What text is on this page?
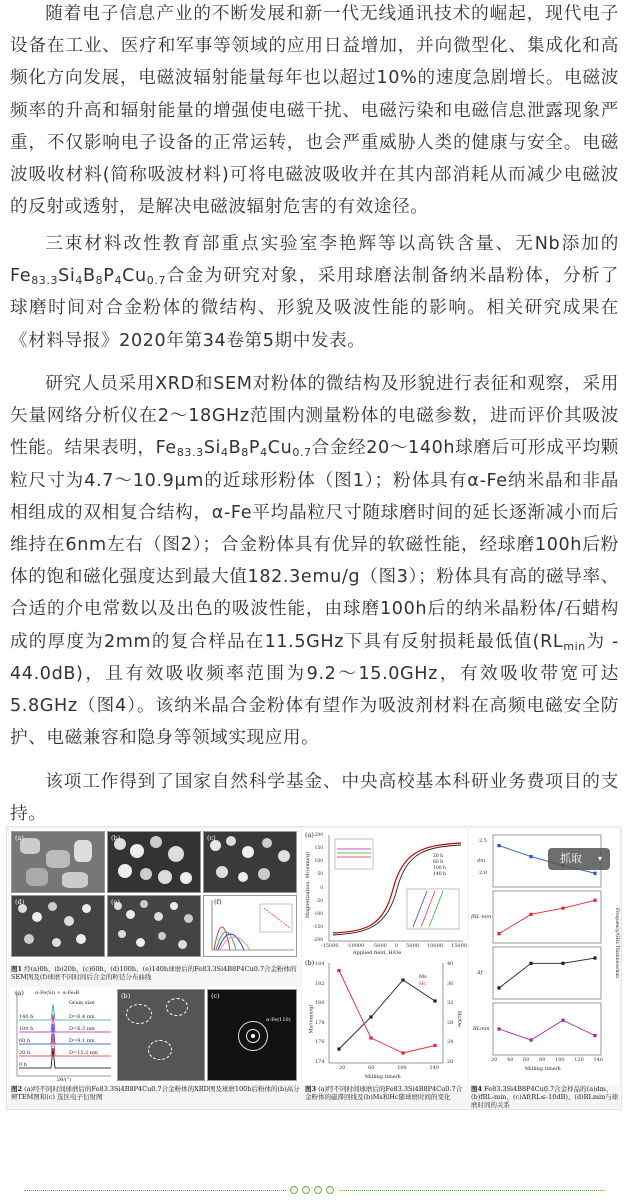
随着电子信息产业的不断发展和新一代无线通讯技术的崛起，现代电子设备在工业、医疗和军事等领域的应用日益增加，并向微型化、集成化和高频化方向发展，电磁波辐射能量每年也以超过10%的速度急剧增长。电磁波频率的升高和辐射能量的增强使电磁干扰、电磁污染和电磁信息泄露现象严重，不仅影响电子设备的正常运转，也会严重威胁人类的健康与安全。电磁波吸收材料(简称吸波材料)可将电磁波吸收并在其内部消耗从而减少电磁波的反射或透射，是解决电磁波辐射危害的有效途径。

三束材料改性教育部重点实验室李艳辉等以高铁含量、无Nb添加的$Fe_{83.3}Si_4B_8P_4Cu_{0.7}$合金为研究对象，采用球磨法制备纳米晶粉体，分析了球磨时间对合金粉体的微结构、形貌及吸波性能的影响。相关研究成果在《材料导报》2020年第34卷第5期中发表。

研究人员采用XRD和SEM对粉体的微结构及形貌进行表征和观察，采用矢量网络分析仪在2～18GHz范围内测量粉体的电磁参数，进而评价其吸波性能。结果表明，$Fe_{83.3}Si_4B_8P_4Cu_{0.7}$合金经20～140h球磨后可形成平均颗粒尺寸为4.7～10.9μm的近球形粉体（图1）；粉体具有α-Fe纳米晶和非晶相组成的双相复合结构，α-Fe平均晶粒尺寸随球磨时间的延长逐渐减小而后维持在6nm左右（图2）；合金粉体具有优异的软磁性能，经球磨100h后粉体的饱和磁化强度达到最大值182.3emu/g（图3）；粉体具有高的磁导率、合适的介电常数以及出色的吸波性能，由球磨100h后的纳米晶粉体/石蜡构成的厚度为2mm的复合样品在11.5GHz下具有反射损耗最低值($RL_{min}$为 - 44.0dB)，且有效吸收频率范围为9.2～15.0GHz，有效吸收带宽可达5.8GHz（图4）。该纳米晶合金粉体有望作为吸波剂材料在高频电磁安全防护、电磁兼容和隐身等领域实现应用。

该项工作得到了国家自然科学基金、中央高校基本科研业务费项目的支持。

(a)	(b)	(c)
(d)	(e)	(f)
图1 经(a)0h、(b)20h、(c)60h、(d)100h、(e)140h球磨后的Fe83.3Si4B8P4Cu0.7合金粉体的SEM图及(f)球磨不同时间后合金的粒径分布曲线
(a) α-Fe(Si) + α-Fe₃B
140 h
100 h
60 h
20 h
0 h
Grain size
D=6.4 nm
D=6.3 nm
D=9.1 nm
D=15.2 nm
2θ/(°)
(b)	(c)
α-Fe(110)
图2 (a)经不同时间球磨后的Fe83.3Si4B8P4Cu0.7合金粉体的XRD图及球磨100h后粉体的(b)高分辨TEM图和(c) 选区电子衍射图
(a)
20 h
60 h
100 h
140 h
-15000 -10000 -5000 0 5000 10000 15000
200
150
100
50
0
-50
-100
-150
-200
Applied field, H/Oe
Magnetization, M/(emu/g)
(b)
Ms
Hc
184
182
180
178
176
174
40
36
32
28
24
20
20	60	100	140
Milling time/h
Ms/(emu/g)	Hc/Oe
图3 (a)经不同时间球磨后的Fe83.3Si4B8P4Cu0.7合金粉体的磁滞回线及(b)Ms和Hc随球磨时间的变化
dm
fRL-min
Δf
RLmin
2.5
2.0
Frequency/GHz Thickness/mm
20 40 60 80 100 120 140
Milling time/h
图4 Fe83.3Si4B8P4Cu0.7合金样品的(a)dm、(b)fRL-min、(c)Δf(RL≤-10dB)、(d)RLmin与球磨时间的关系
抓取 ▾
